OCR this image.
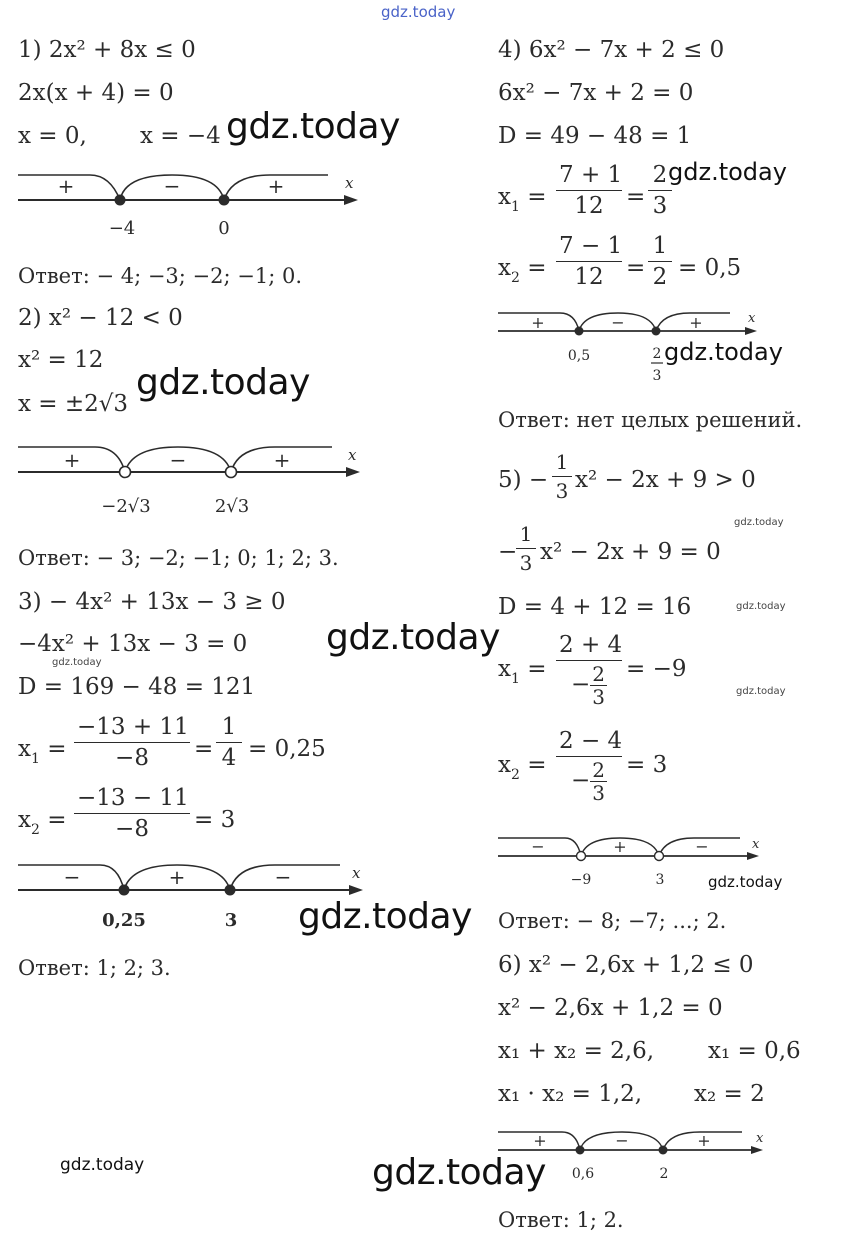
gdz.today
1) 2x² + 8x ≤ 0
2x(x + 4) = 0
x = 0, x = −4 gdz.today
x
+	−	+
−4	0
Ответ: − 4; −3; −2; −1; 0.
2) x² − 12 < 0
x² = 12
x = ±2√3
gdz.today
x
+	−	+
−2√3	2√3
Ответ: − 3; −2; −1; 0; 1; 2; 3.
3) − 4x² + 13x − 3 ≥ 0
−4x² + 13x − 3 = 0
gdz.today
D = 169 − 48 = 121
gdz.today
$x_1 = \frac{-13 + 11}{-8} = \frac{1}{4} = 0,25$
$x_2 = \frac{-13 - 11}{-8} = 3$
x
−	+	−
0,25	3 gdz.today
Ответ: 1; 2; 3.
gdz.today
4) 6x² − 7x + 2 ≤ 0
6x² − 7x + 2 = 0
D = 49 − 48 = 1
$x_1 = \frac{7 + 1}{12} = \frac{2}{3}$
gdz.today
$x_2 = \frac{7 - 1}{12} = \frac{1}{2} = 0,5$
x
+	−	+
0,5	2
3
gdz.today
Ответ: нет целых решений.
$5) - \frac{1}{3} x^2 - 2x + 9 > 0$
−
$\frac{1}{3} x^2 - 2x + 9 = 0$
gdz.today
D = 4 + 12 = 16	gdz.today
$x_1 = \frac{2 + 4}{- \frac{2}{3}} = -9$
gdz.today
$x_2 = \frac{2 - 4}{- \frac{2}{3}} = 3$
x
−	+	−
−9	3	gdz.today
Ответ: − 8; −7; ...; 2.
6) x² − 2,6x + 1,2 ≤ 0
x² − 2,6x + 1,2 = 0
x₁ + x₂ = 2,6, x₁ = 0,6
x₁ · x₂ = 1,2, x₂ = 2
x
+	−	+
0,6	2
gdz.today
Ответ: 1; 2.
